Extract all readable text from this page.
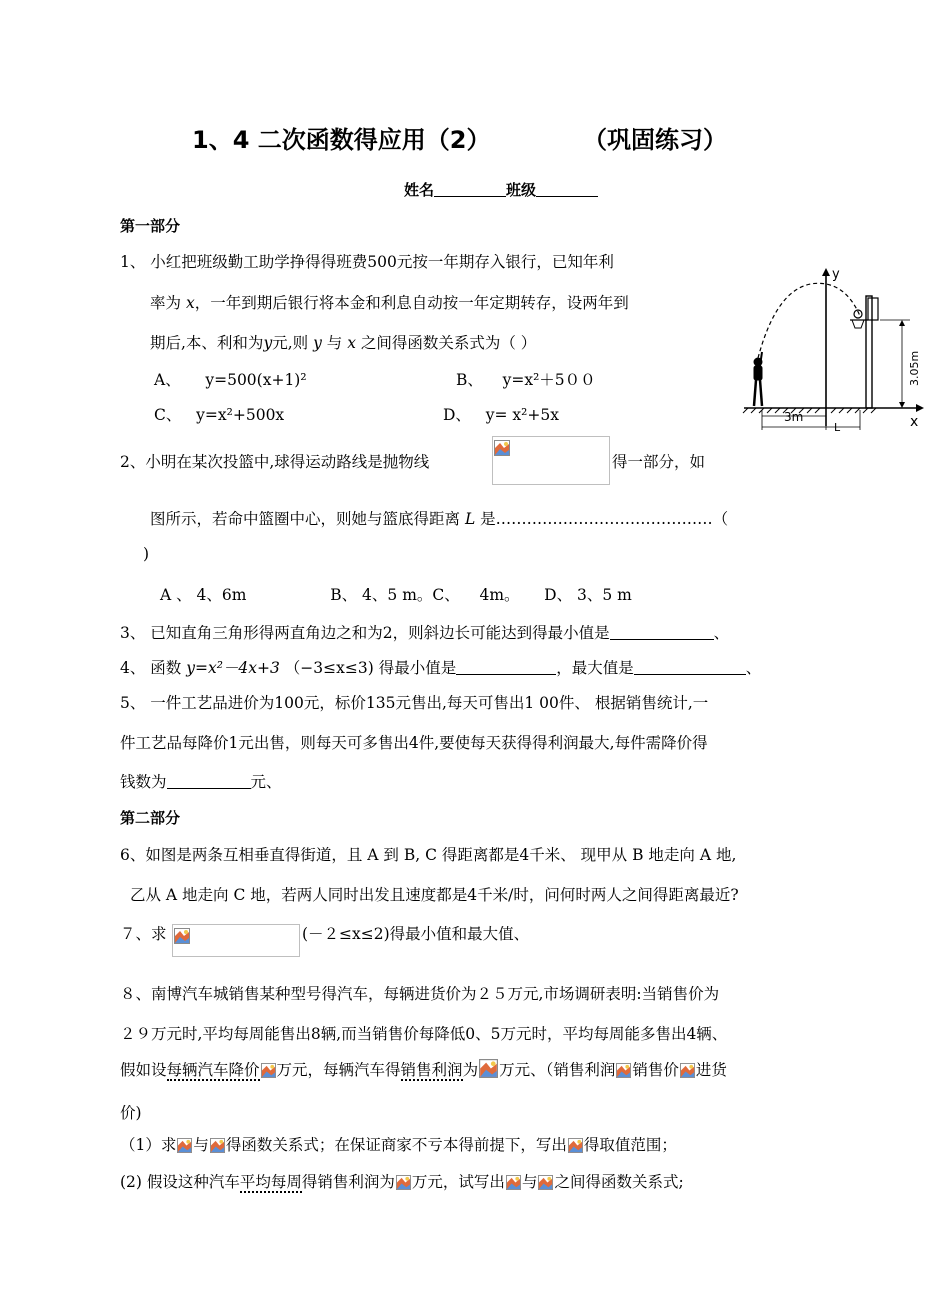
1、4 二次函数得应用（2）	（巩固练习）
姓名	班级
第一部分
1、 小红把班级勤工助学挣得得班费500元按一年期存入银行，已知年利
率为 x，一年到期后银行将本金和利息自动按一年定期转存，设两年到
期后,本、利和为y元,则 y 与 x 之间得函数关系式为（ ）
A、 y=500(x+1)²	B、 y=x²＋5００
C、 y=x²+500x	D、 y= x²+5x
3.05m
3m
L
y
x
2、小明在某次投篮中,球得运动路线是抛物线	得一部分，如
图所示，若命中篮圈中心，则她与篮底得距离 L 是……………………………………（
)
A 、 4、6m                 B、 4、5 m。C、    4m。     D、 3、5 m
3、 已知直角三角形得两直角边之和为2，则斜边长可能达到得最小值是	、
4、 函数 y=x²－4x+3 （−3≤x≤3) 得最小值是	，最大值是	、
5、 一件工艺品进价为100元，标价135元售出,每天可售出1 00件、 根据销售统计,一
件工艺品每降价1元出售，则每天可多售出4件,要使每天获得得利润最大,每件需降价得
钱数为	元、
第二部分
6、如图是两条互相垂直得街道，且 A 到 B, C 得距离都是4千米、 现甲从 B 地走向 A 地,
乙从 A 地走向 C 地，若两人同时出发且速度都是4千米/时，问何时两人之间得距离最近?
７、求	(－２≤x≤2)得最小值和最大值、
８、南博汽车城销售某种型号得汽车，每辆进货价为２５万元,市场调研表明:当销售价为
２９万元时,平均每周能售出8辆,而当销售价每降低0、5万元时，平均每周能多售出4辆、
假如设每辆汽车降价 万元，每辆汽车得销售利润为 万元、（销售利润 销售价 进货
价)
（1）求 与 得函数关系式；在保证商家不亏本得前提下，写出 得取值范围；
(2) 假设这种汽车平均每周得销售利润为 万元，试写出 与 之间得函数关系式;
